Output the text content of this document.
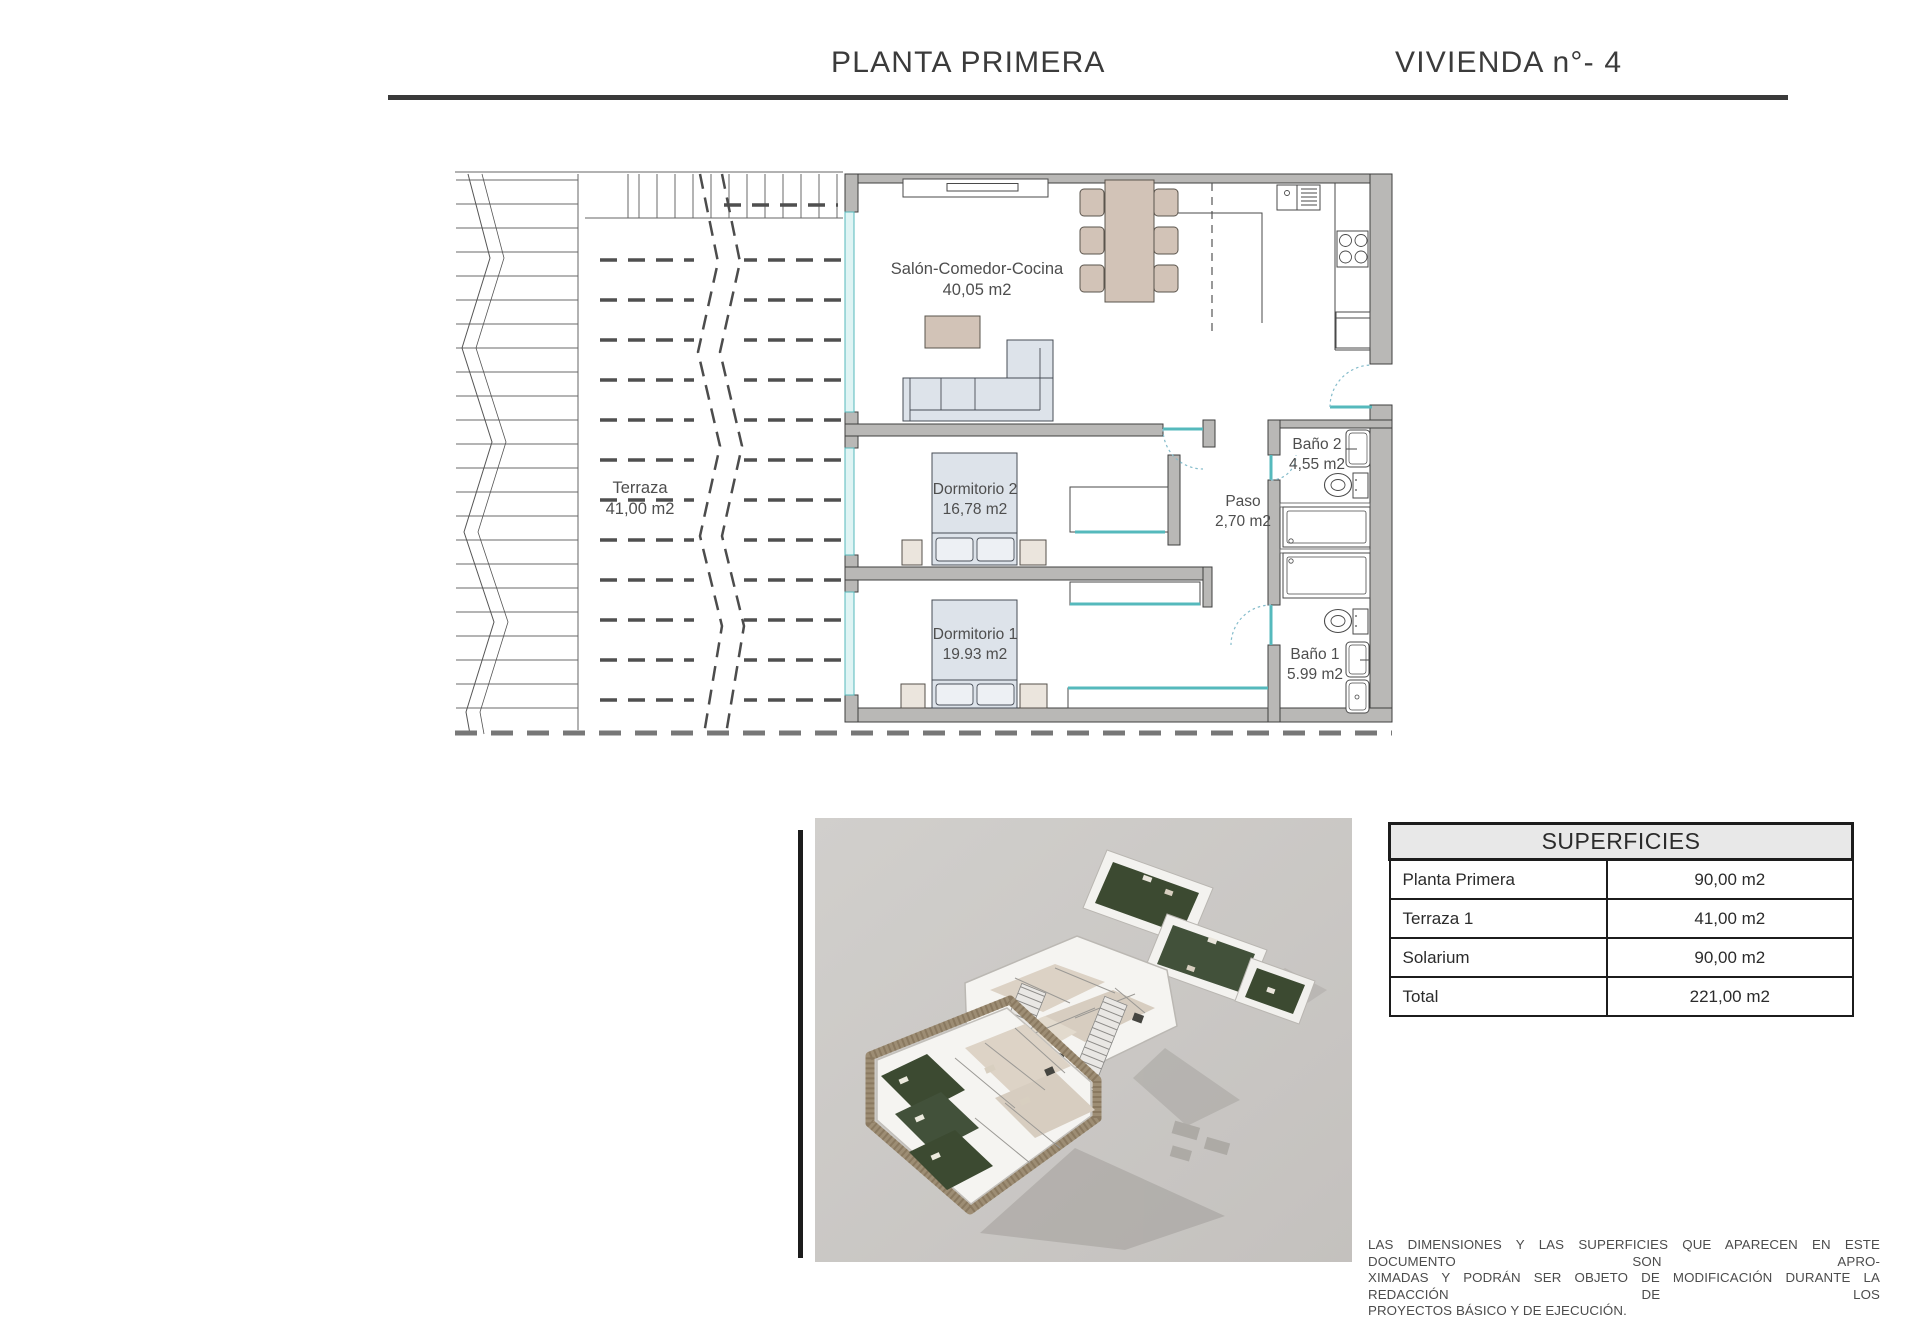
PLANTA PRIMERA	VIVIENDA n°- 4
Salón-Comedor-Cocina
40,05 m2
Terraza
41,00 m2
Dormitorio 2
16,78 m2
Dormitorio 1
19.93 m2
Paso
2,70 m2
Baño 2
4,55 m2
Baño 1
5.99 m2
SUPERFICIES	
Planta Primera	90,00 m2
Terraza 1	41,00 m2
Solarium	90,00 m2
Total	221,00 m2
LAS DIMENSIONES Y LAS SUPERFICIES QUE APARECEN EN ESTE DOCUMENTO SON APRO-
XIMADAS Y PODRÁN SER OBJETO DE MODIFICACIÓN DURANTE LA REDACCIÓN DE LOS
PROYECTOS BÁSICO Y DE EJECUCIÓN.
